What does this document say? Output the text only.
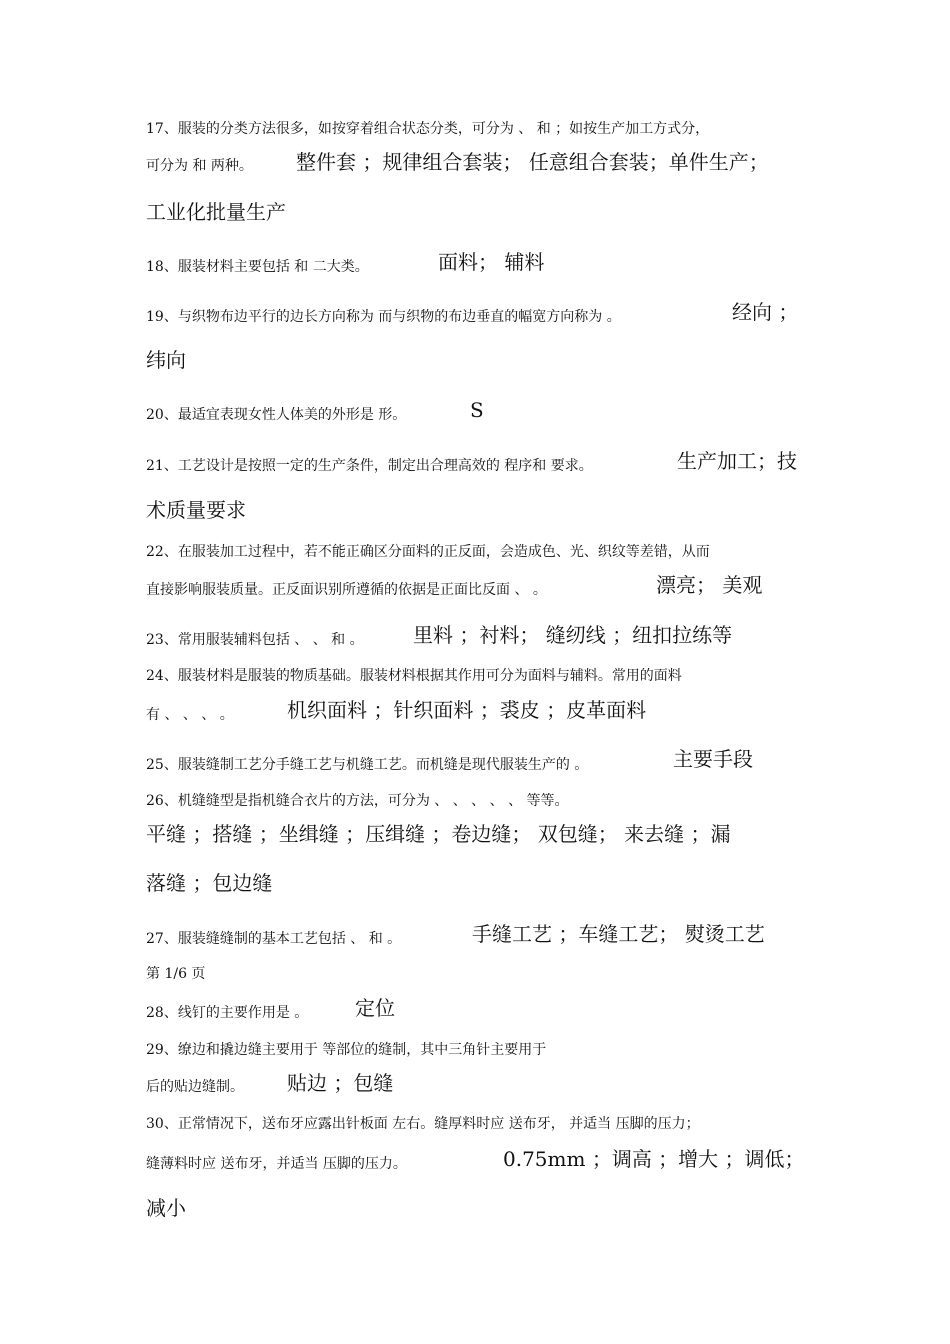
17、服装的分类方法很多，如按穿着组合状态分类，可分为 、 和 ；如按生产加工方式分，
可分为 和 两种。 整件套 ；规律组合套装； 任意组合套装；单件生产；
工业化批量生产
18、服装材料主要包括 和 二大类。	面料； 辅料
19、与织物布边平行的边长方向称为 而与织物的布边垂直的幅宽方向称为 。	经向 ；
纬向
20、最适宜表现女性人体美的外形是 形。	S
21、工艺设计是按照一定的生产条件，制定出合理高效的 程序和 要求。	生产加工；技
术质量要求
22、在服装加工过程中，若不能正确区分面料的正反面，会造成色、光、织纹等差错，从而
直接影响服装质量。正反面识别所遵循的依据是正面比反面 、 。	漂亮； 美观
23、常用服装辅料包括 、 、 和 。 里料 ；衬料； 缝纫线 ；纽扣拉练等
24、服装材料是服装的物质基础。服装材料根据其作用可分为面料与辅料。常用的面料
有 、 、 、 。	机织面料 ；针织面料 ；裘皮 ；皮革面料
25、服装缝制工艺分手缝工艺与机缝工艺。而机缝是现代服装生产的 。	主要手段
26、机缝缝型是指机缝合衣片的方法，可分为 、 、 、 、 、 等等。
平缝 ；搭缝 ；坐缉缝 ；压缉缝 ；卷边缝； 双包缝； 来去缝 ；漏
落缝 ；包边缝
27、服装缝缝制的基本工艺包括 、 和 。	手缝工艺 ；车缝工艺； 熨烫工艺
第 1/6 页
28、线钉的主要作用是 。 定位
29、缭边和撬边缝主要用于 等部位的缝制，其中三角针主要用于
后的贴边缝制。 贴边 ；包缝
30、正常情况下，送布牙应露出针板面 左右。缝厚料时应 送布牙， 并适当 压脚的压力；
缝薄料时应 送布牙，并适当 压脚的压力。	0.75mm ；调高 ；增大 ；调低；
减小
